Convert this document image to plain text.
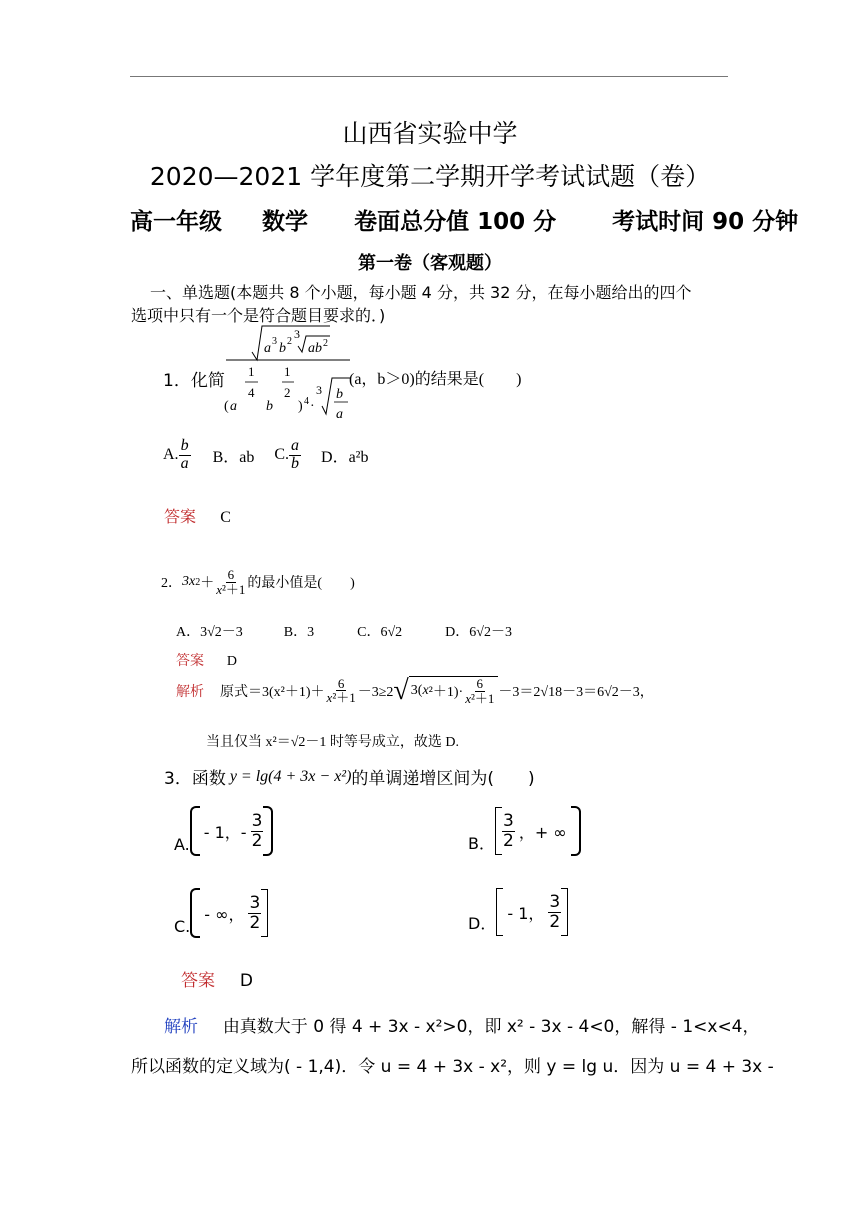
山西省实验中学
2020—2021 学年度第二学期开学考试试题（卷）
高一年级 数学 卷面总分值 100 分 考试时间 90 分钟
第一卷（客观题）
一、单选题(本题共 8 个小题，每小题 4 分，共 32 分，在每小题给出的四个
选项中只有一个是符合题目要求的．)
1．化简
a 3 b 2
3
ab 2
1
4
1
2
( a b ) 4 ·
3 b
a
(a，b＞0)的结果是(　　)
A. $\frac{b}{a}$ B．ab C. $\frac{a}{b}$ D．a²b
答案 C
2． 3x $2 + \frac{6}{\text{x²＋1}}$ 的最小值是(　　)
A．3√2－3	B．3	C．6√2	D．6√2－3
答案 D
解析 原式$=3(x^2+1)+ \frac{6}{\text{x²＋1}} -3\ge 2$ √ 3( x $^2+1)\cdot \frac{6}{\text{x²＋1}} -3=2√18-3=6√2-3$，
当且仅当 x²＝√2－1 时等号成立，故选 D.
3．函数 y = lg(4 + 3x − x²) 的单调递增区间为(　　)
A.
- 1，- $\frac{3}{2}$	B． $\frac{3}{2}$ ，+ ∞
C.
- ∞， $\frac{3}{2}$	D．
- 1， $\frac{3}{2}$
答案 D
解析 由真数大于 0 得 4 + 3x - x²>0，即 x² - 3x - 4<0，解得 - 1<x<4，
所以函数的定义域为( - 1,4)．令 u = 4 + 3x - x²，则 y = lg u．因为 u = 4 + 3x -
